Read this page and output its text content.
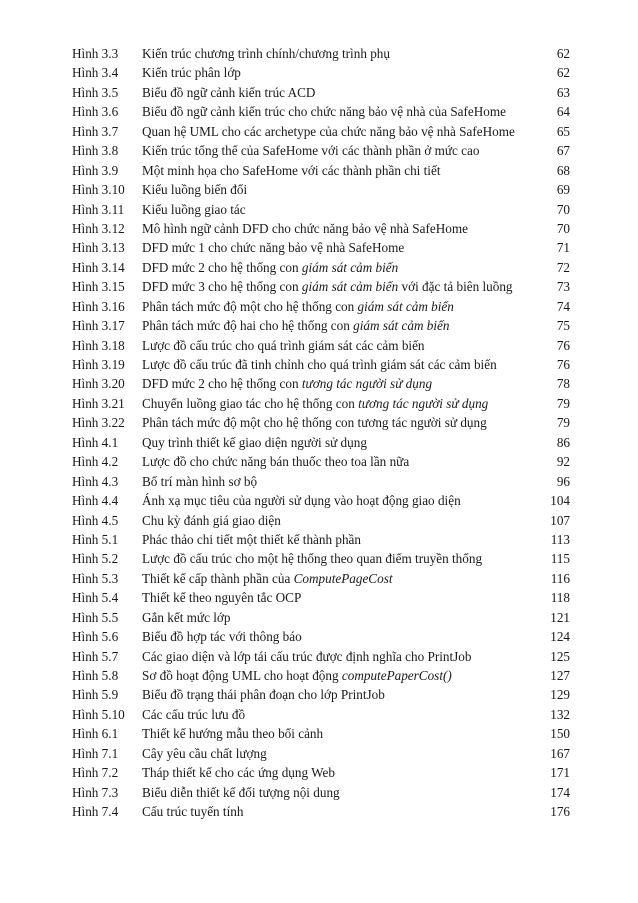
Hình 3.3	Kiến trúc chương trình chính/chương trình phụ	62
Hình 3.4	Kiến trúc phân lớp	62
Hình 3.5	Biểu đồ ngữ cảnh kiến trúc ACD	63
Hình 3.6	Biểu đồ ngữ cảnh kiến trúc cho chức năng bảo vệ nhà của SafeHome	64
Hình 3.7	Quan hệ UML cho các archetype của chức năng bảo vệ nhà SafeHome	65
Hình 3.8	Kiến trúc tổng thể của SafeHome với các thành phần ở mức cao	67
Hình 3.9	Một minh họa cho SafeHome với các thành phần chi tiết	68
Hình 3.10	Kiểu luồng biến đổi	69
Hình 3.11	Kiểu luồng giao tác	70
Hình 3.12	Mô hình ngữ cảnh DFD cho chức năng bảo vệ nhà SafeHome	70
Hình 3.13	DFD mức 1 cho chức năng bảo vệ nhà SafeHome	71
Hình 3.14	DFD mức 2 cho hệ thống con giám sát cảm biến	72
Hình 3.15	DFD mức 3 cho hệ thống con giám sát cảm biến với đặc tả biên luồng	73
Hình 3.16	Phân tách mức độ một cho hệ thống con giám sát cảm biến	74
Hình 3.17	Phân tách mức độ hai cho hệ thống con giám sát cảm biến	75
Hình 3.18	Lược đồ cấu trúc cho quá trình giám sát các cảm biến	76
Hình 3.19	Lược đồ cấu trúc đã tinh chỉnh cho quá trình giám sát các cảm biến	76
Hình 3.20	DFD mức 2 cho hệ thống con tương tác người sử dụng	78
Hình 3.21	Chuyển luồng giao tác cho hệ thống con tương tác người sử dụng	79
Hình 3.22	Phân tách mức độ một cho hệ thống con tương tác người sử dụng	79
Hình 4.1	Quy trình thiết kế giao diện người sử dụng	86
Hình 4.2	Lược đồ cho chức năng bán thuốc theo toa lần nữa	92
Hình 4.3	Bố trí màn hình sơ bộ	96
Hình 4.4	Ánh xạ mục tiêu của người sử dụng vào hoạt động giao diện	104
Hình 4.5	Chu kỳ đánh giá giao diện	107
Hình 5.1	Phác thảo chi tiết một thiết kế thành phần	113
Hình 5.2	Lược đồ cấu trúc cho một hệ thống theo quan điểm truyền thống	115
Hình 5.3	Thiết kế cấp thành phần của ComputePageCost	116
Hình 5.4	Thiết kế theo nguyên tắc OCP	118
Hình 5.5	Gắn kết mức lớp	121
Hình 5.6	Biểu đồ hợp tác với thông báo	124
Hình 5.7	Các giao diện và lớp tái cấu trúc được định nghĩa cho PrintJob	125
Hình 5.8	Sơ đồ hoạt động UML cho hoạt động computePaperCost()	127
Hình 5.9	Biểu đồ trạng thái phân đoạn cho lớp PrintJob	129
Hình 5.10	Các cấu trúc lưu đồ	132
Hình 6.1	Thiết kế hướng mẫu theo bối cảnh	150
Hình 7.1	Cây yêu cầu chất lượng	167
Hình 7.2	Tháp thiết kế cho các ứng dụng Web	171
Hình 7.3	Biểu diễn thiết kế đối tượng nội dung	174
Hình 7.4	Cấu trúc tuyến tính	176
